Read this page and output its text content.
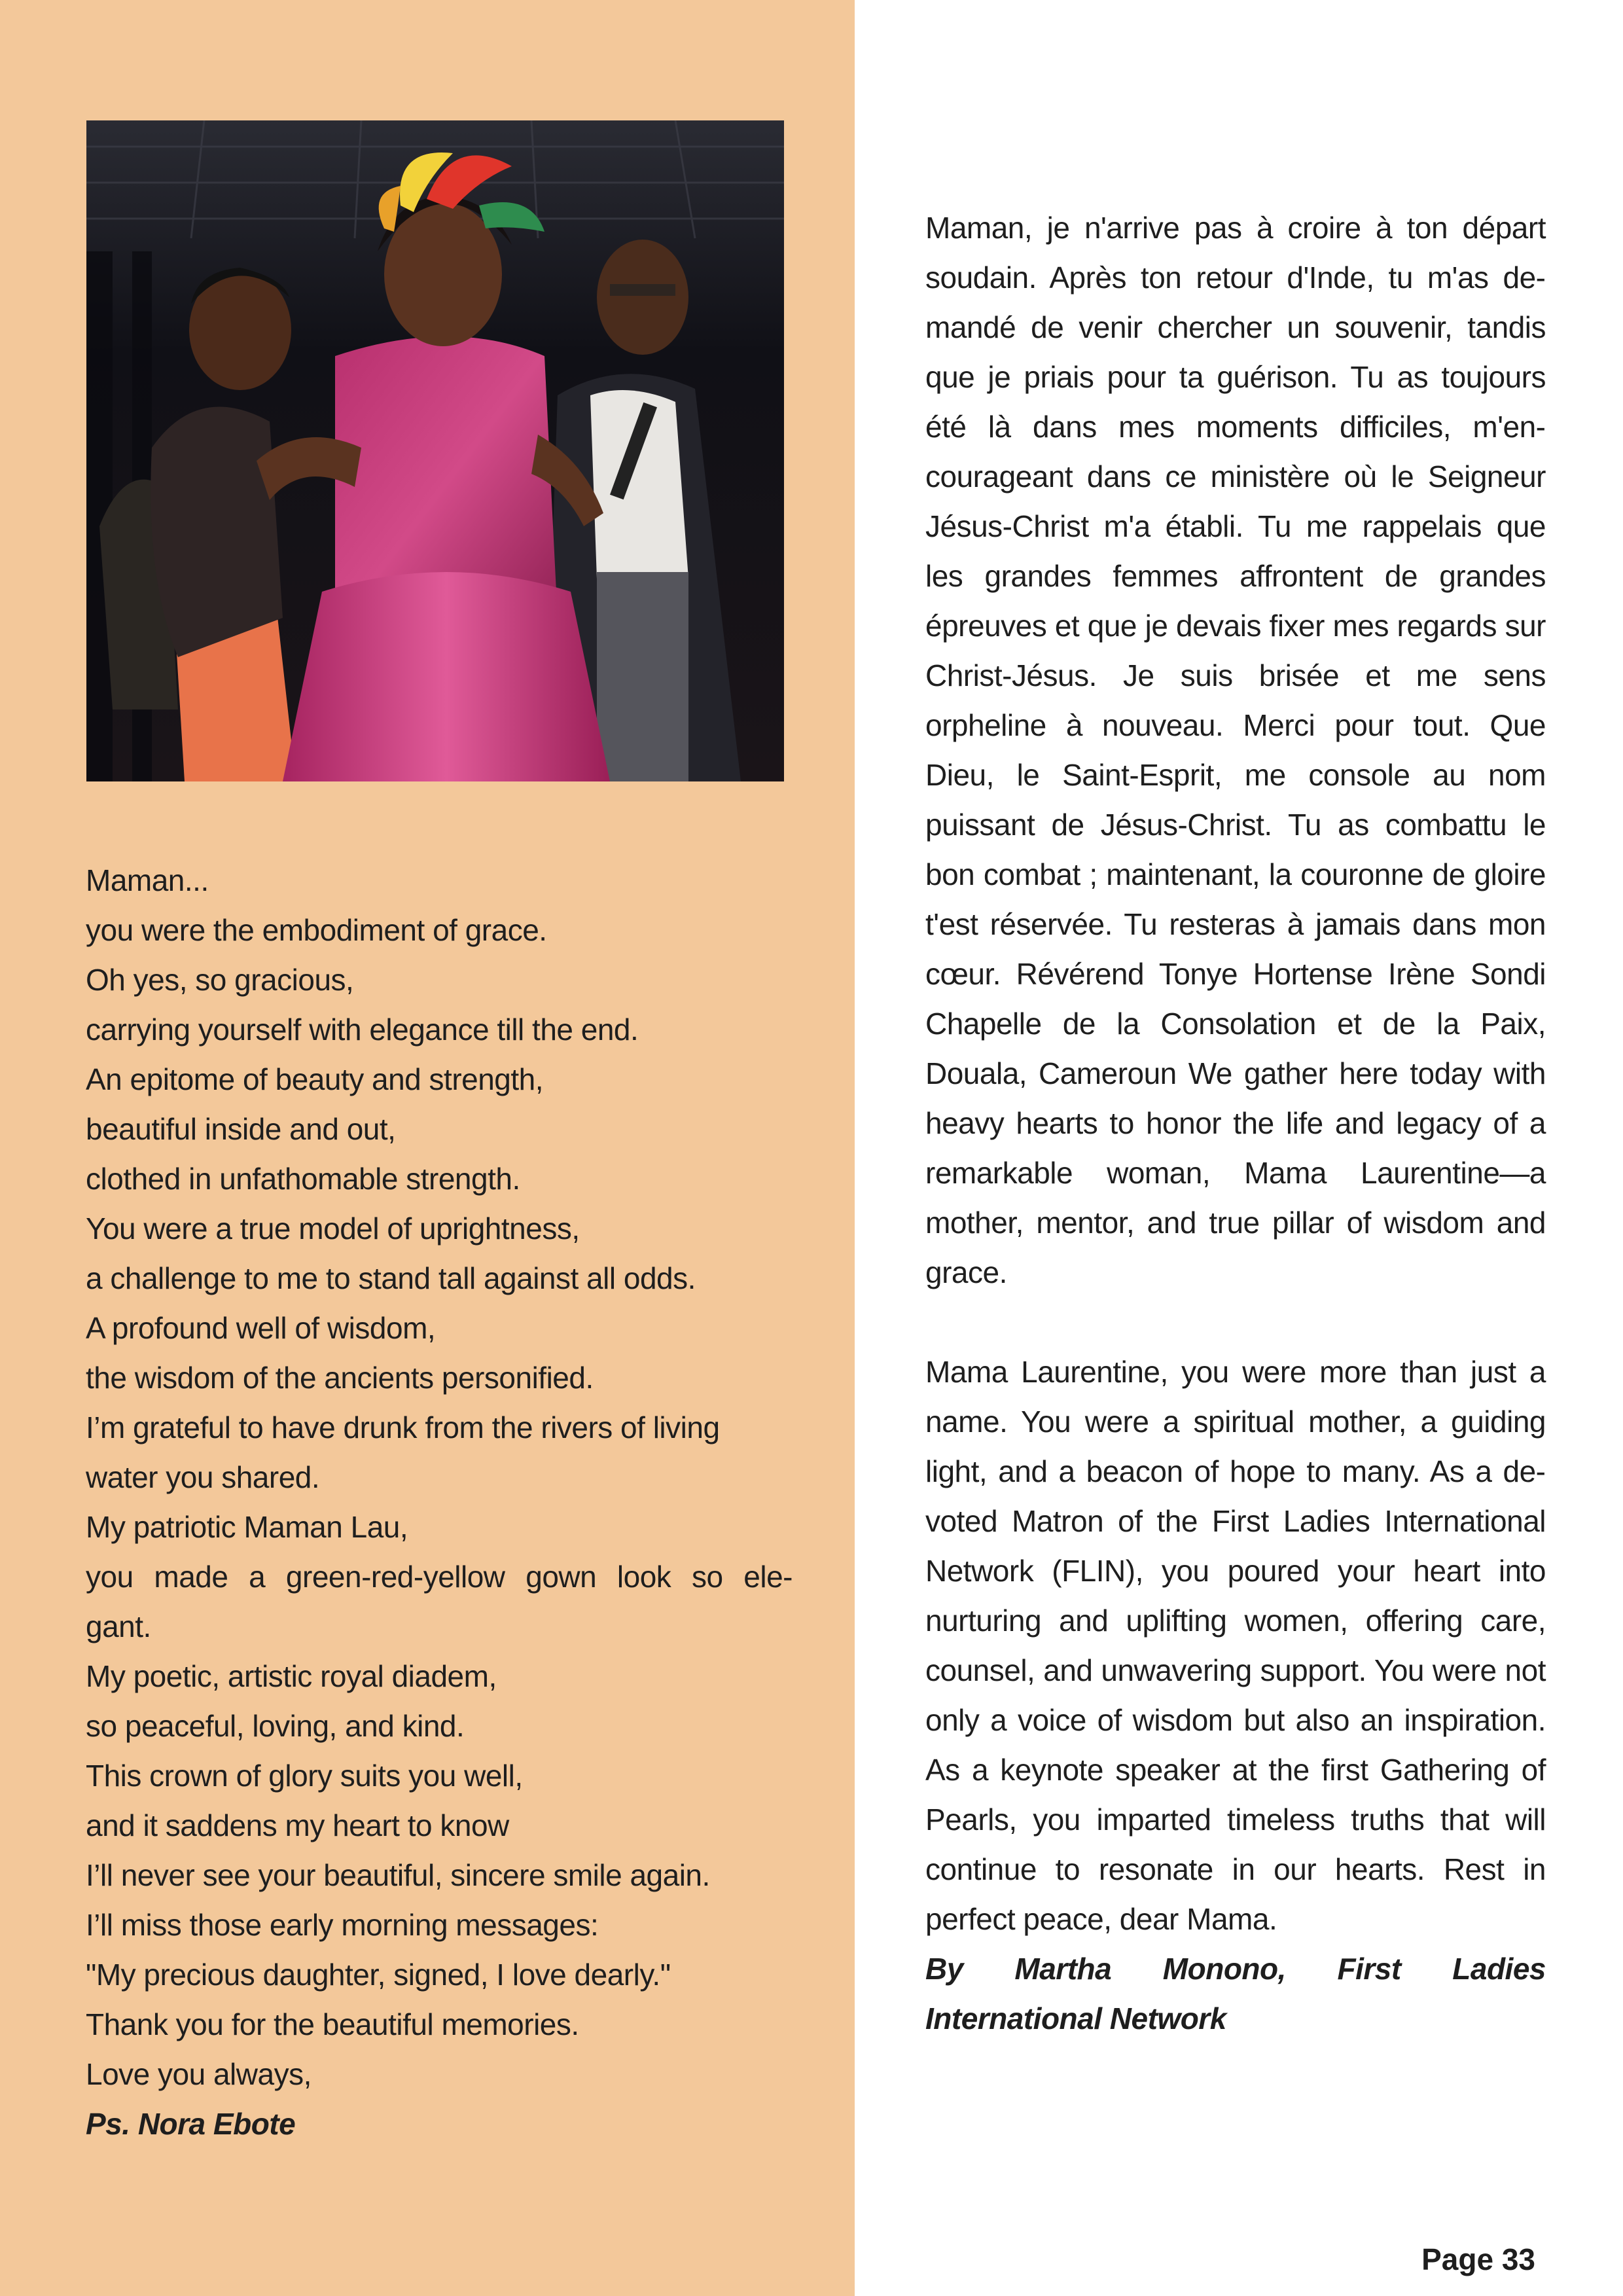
Maman...
you were the embodiment of grace.
Oh yes, so gracious,
carrying yourself with elegance till the end.
An epitome of beauty and strength,
beautiful inside and out,
clothed in unfathomable strength.
You were a true model of uprightness,
a challenge to me to stand tall against all odds.
A profound well of wisdom,
the wisdom of the ancients personified.
I’m grateful to have drunk from the rivers of living
water you shared.
My patriotic Maman Lau,
you made a green-red-yellow gown look so ele-
gant.
My poetic, artistic royal diadem,
so peaceful, loving, and kind.
This crown of glory suits you well,
and it saddens my heart to know
I’ll never see your beautiful, sincere smile again.
I’ll miss those early morning messages:
"My precious daughter, signed, I love dearly."
Thank you for the beautiful memories.
Love you always,
Ps. Nora Ebote

Maman, je n'arrive pas à croire à ton départ soudain. Après ton retour d'Inde, tu m'as demandé de venir chercher un souvenir, tandis que je priais pour ta guérison. Tu as toujours été là dans mes moments difficiles, m'encourageant dans ce ministère où le Seigneur Jésus-Christ m'a établi. Tu me rappelais que les grandes femmes affrontent de grandes épreuves et que je devais fixer mes regards sur Christ-Jésus. Je suis brisée et me sens orpheline à nouveau. Merci pour tout. Que Dieu, le Saint-Esprit, me console au nom puissant de Jésus-Christ. Tu as combattu le bon combat ; maintenant, la couronne de gloire t'est réservée. Tu resteras à jamais dans mon cœur. Révérend Tonye Hortense Irène Sondi Chapelle de la Consolation et de la Paix, Douala, Cameroun We gather here today with heavy hearts to honor the life and legacy of a remarkable woman, Mama Laurentine—a mother, mentor, and true pillar of wisdom and grace.

Mama Laurentine, you were more than just a name. You were a spiritual mother, a guiding light, and a beacon of hope to many. As a devoted Matron of the First Ladies International Network (FLIN), you poured your heart into nurturing and uplifting women, offering care, counsel, and unwavering support. You were not only a voice of wisdom but also an inspiration. As a keynote speaker at the first Gathering of Pearls, you imparted timeless truths that will continue to resonate in our hearts. Rest in perfect peace, dear Mama.

By Martha Monono, First Ladies International Network

Page 33
